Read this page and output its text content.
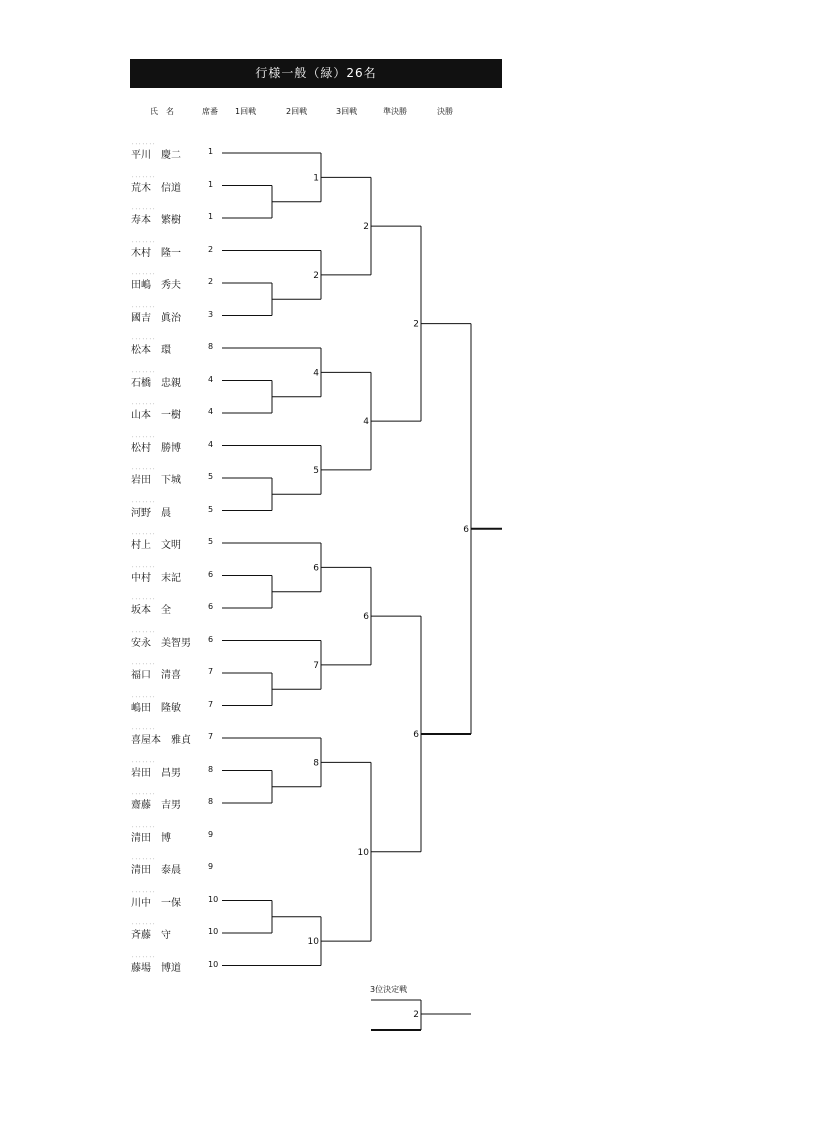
行様一般（緑）26名
氏　名	席番 1回戦	2回戦	3回戦	準決勝	決勝
・・・・・・・
平川　慶二	1
・・・・・・・
荒木　信道	1
・・・・・・・
寿本　繁樹	1
・・・・・・・
木村　隆一	2
・・・・・・・
田嶋　秀夫	2
・・・・・・・
國吉　眞治	3
・・・・・・・
松本　環	8
・・・・・・・
石橋　忠親	4
・・・・・・・
山本　一樹	4
・・・・・・・
松村　勝博	4
・・・・・・・
岩田　下城	5
・・・・・・・
河野　晨	5
・・・・・・・
村上　文明	5
・・・・・・・
中村　末記	6
・・・・・・・
坂本　全	6
・・・・・・・
安永　美智男 6
・・・・・・・
福口　清喜	7
・・・・・・・
嶋田　隆敏	7
・・・・・・・
喜屋本　雅貞 7
・・・・・・・
岩田　昌男	8
・・・・・・・
齋藤　吉男	8
・・・・・・・
清田　博	9
・・・・・・・
清田　泰晨	9
・・・・・・・
川中　一保	10
・・・・・・・
斉藤　守	10
・・・・・・・
藤場　博道	10
1
2
4
5
6
7
8
10
2
4
6
10
2
6
6
2
3位決定戦
